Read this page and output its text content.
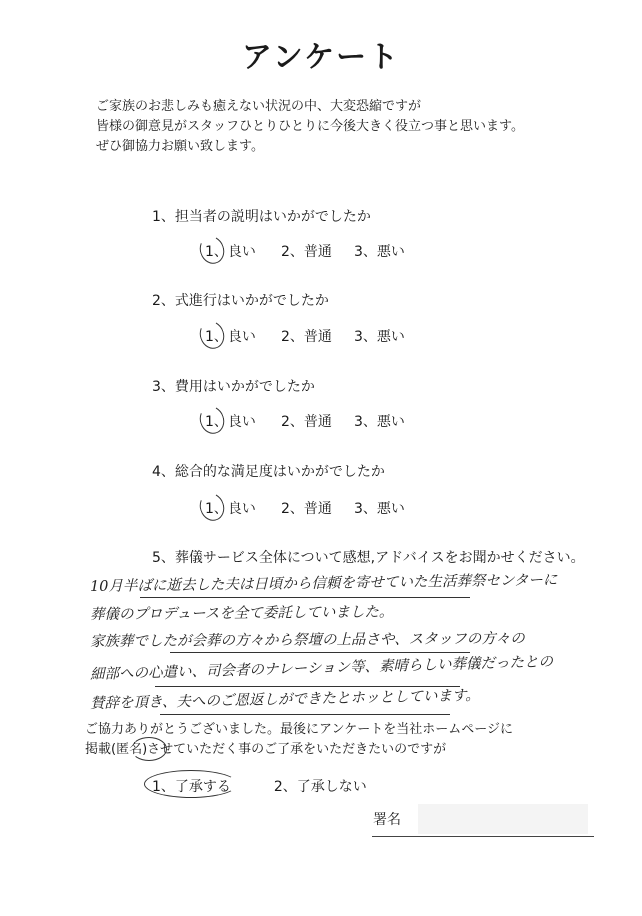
アンケート
ご家族のお悲しみも癒えない状況の中、大変恐縮ですが
皆様の御意見がスタッフひとりひとりに今後大きく役立つ事と思います。
ぜひ御協力お願い致します。
1、担当者の説明はいかがでしたか
1、良い 2、普通 3、悪い
2、式進行はいかがでしたか
1、良い 2、普通 3、悪い
3、費用はいかがでしたか
1、良い 2、普通 3、悪い
4、総合的な満足度はいかがでしたか
1、良い 2、普通 3、悪い
5、葬儀サービス全体について感想,アドバイスをお聞かせください。
10月半ばに逝去した夫は日頃から信頼を寄せていた生活葬祭センターに
葬儀のプロデュースを全て委託していました。
家族葬でしたが会葬の方々から祭壇の上品さや、スタッフの方々の
細部への心遣い、司会者のナレーション等、素晴らしい葬儀だったとの
賛辞を頂き、夫へのご恩返しができたとホッとしています。
ご協力ありがとうございました。最後にアンケートを当社ホームページに
掲載(匿名)させていただく事のご了承をいただきたいのですが
1、了承する	2、了承しない
署名
